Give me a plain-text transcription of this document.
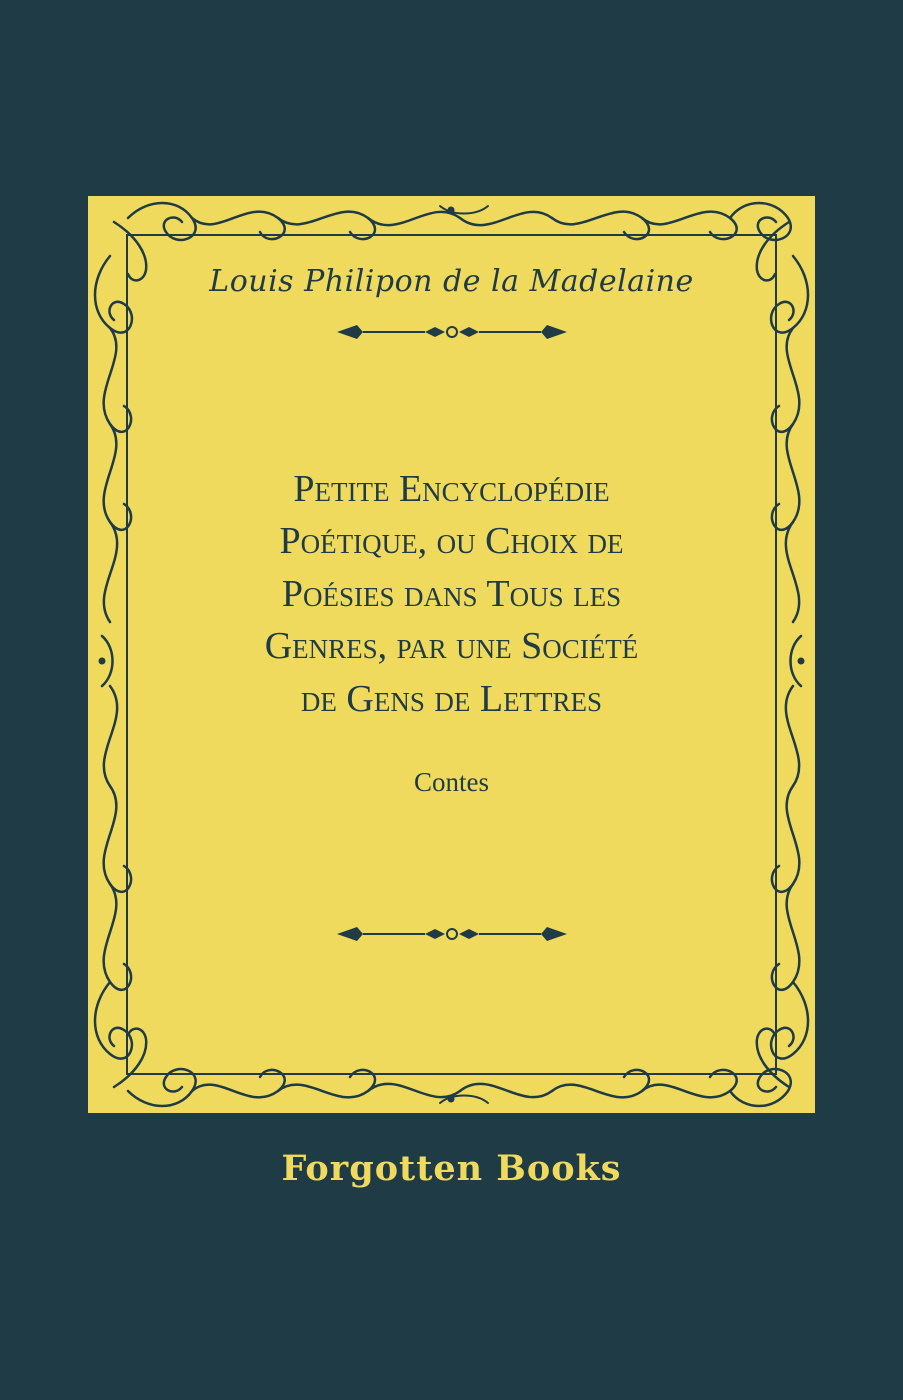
Louis Philipon de la Madelaine
Petite Encyclopédie
Poétique, ou Choix de
Poésies dans Tous les
Genres, par une Société
de Gens de Lettres
Contes
Forgotten Books
